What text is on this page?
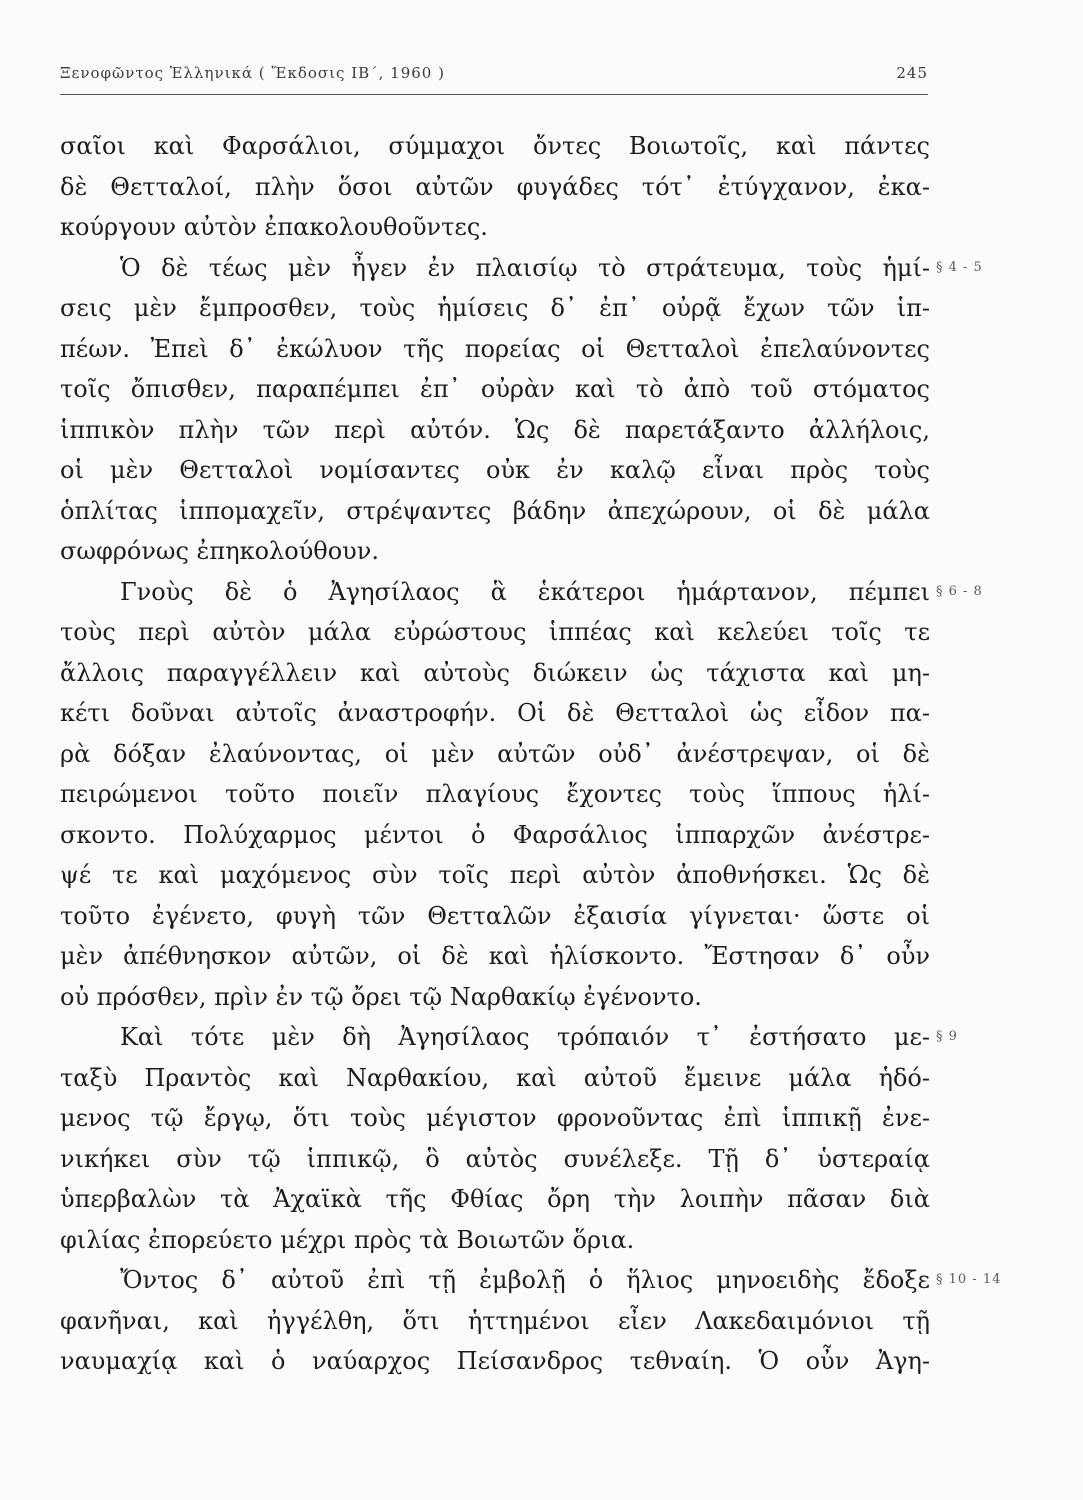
Ξενοφῶντος Ἑλληνικά ( Ἔκδοσις ΙΒ΄, 1960 )	245
σαῖοι καὶ Φαρσάλιοι, σύμμαχοι ὄντες Βοιωτοῖς, καὶ πάντες
δὲ Θετταλοί, πλὴν ὅσοι αὐτῶν φυγάδες τότ᾽ ἐτύγχανον, ἐκα-
κούργουν αὐτὸν ἐπακολουθοῦντες.
Ὁ δὲ τέως μὲν ἦγεν ἐν πλαισίῳ τὸ στράτευμα, τοὺς ἡμί-
σεις μὲν ἔμπροσθεν, τοὺς ἡμίσεις δ᾽ ἐπ᾽ οὐρᾷ ἔχων τῶν ἱπ-
πέων. Ἐπεὶ δ᾽ ἐκώλυον τῆς πορείας οἱ Θετταλοὶ ἐπελαύνοντες
τοῖς ὄπισθεν, παραπέμπει ἐπ᾽ οὐρὰν καὶ τὸ ἀπὸ τοῦ στόματος
ἱππικὸν πλὴν τῶν περὶ αὐτόν. Ὡς δὲ παρετάξαντο ἀλλήλοις,
οἱ μὲν Θετταλοὶ νομίσαντες οὐκ ἐν καλῷ εἶναι πρὸς τοὺς
ὁπλίτας ἱππομαχεῖν, στρέψαντες βάδην ἀπεχώρουν, οἱ δὲ μάλα
σωφρόνως ἐπηκολούθουν.
Γνοὺς δὲ ὁ Ἀγησίλαος ἃ ἑκάτεροι ἡμάρτανον, πέμπει
τοὺς περὶ αὐτὸν μάλα εὐρώστους ἱππέας καὶ κελεύει τοῖς τε
ἄλλοις παραγγέλλειν καὶ αὐτοὺς διώκειν ὡς τάχιστα καὶ μη-
κέτι δοῦναι αὐτοῖς ἀναστροφήν. Οἱ δὲ Θετταλοὶ ὡς εἶδον πα-
ρὰ δόξαν ἐλαύνοντας, οἱ μὲν αὐτῶν οὐδ᾽ ἀνέστρεψαν, οἱ δὲ
πειρώμενοι τοῦτο ποιεῖν πλαγίους ἔχοντες τοὺς ἵππους ἡλί-
σκοντο. Πολύχαρμος μέντοι ὁ Φαρσάλιος ἱππαρχῶν ἀνέστρε-
ψέ τε καὶ μαχόμενος σὺν τοῖς περὶ αὐτὸν ἀποθνήσκει. Ὡς δὲ
τοῦτο ἐγένετο, φυγὴ τῶν Θετταλῶν ἐξαισία γίγνεται· ὥστε οἱ
μὲν ἀπέθνησκον αὐτῶν, οἱ δὲ καὶ ἡλίσκοντο. Ἔστησαν δ᾽ οὖν
οὐ πρόσθεν, πρὶν ἐν τῷ ὄρει τῷ Ναρθακίῳ ἐγένοντο.
Καὶ τότε μὲν δὴ Ἀγησίλαος τρόπαιόν τ᾽ ἐστήσατο με-
ταξὺ Πραντὸς καὶ Ναρθακίου, καὶ αὐτοῦ ἔμεινε μάλα ἡδό-
μενος τῷ ἔργῳ, ὅτι τοὺς μέγιστον φρονοῦντας ἐπὶ ἱππικῇ ἐνε-
νικήκει σὺν τῷ ἱππικῷ, ὃ αὐτὸς συνέλεξε. Τῇ δ᾽ ὑστεραίᾳ
ὑπερβαλὼν τὰ Ἀχαϊκὰ τῆς Φθίας ὄρη τὴν λοιπὴν πᾶσαν διὰ
φιλίας ἐπορεύετο μέχρι πρὸς τὰ Βοιωτῶν ὅρια.
Ὄντος δ᾽ αὐτοῦ ἐπὶ τῇ ἐμβολῇ ὁ ἥλιος μηνοειδὴς ἔδοξε
φανῆναι, καὶ ἠγγέλθη, ὅτι ἡττημένοι εἶεν Λακεδαιμόνιοι τῇ
ναυμαχίᾳ καὶ ὁ ναύαρχος Πείσανδρος τεθναίη. Ὁ οὖν Ἀγη-
§ 4 - 5
§ 6 - 8
§ 9
§ 10 - 14
